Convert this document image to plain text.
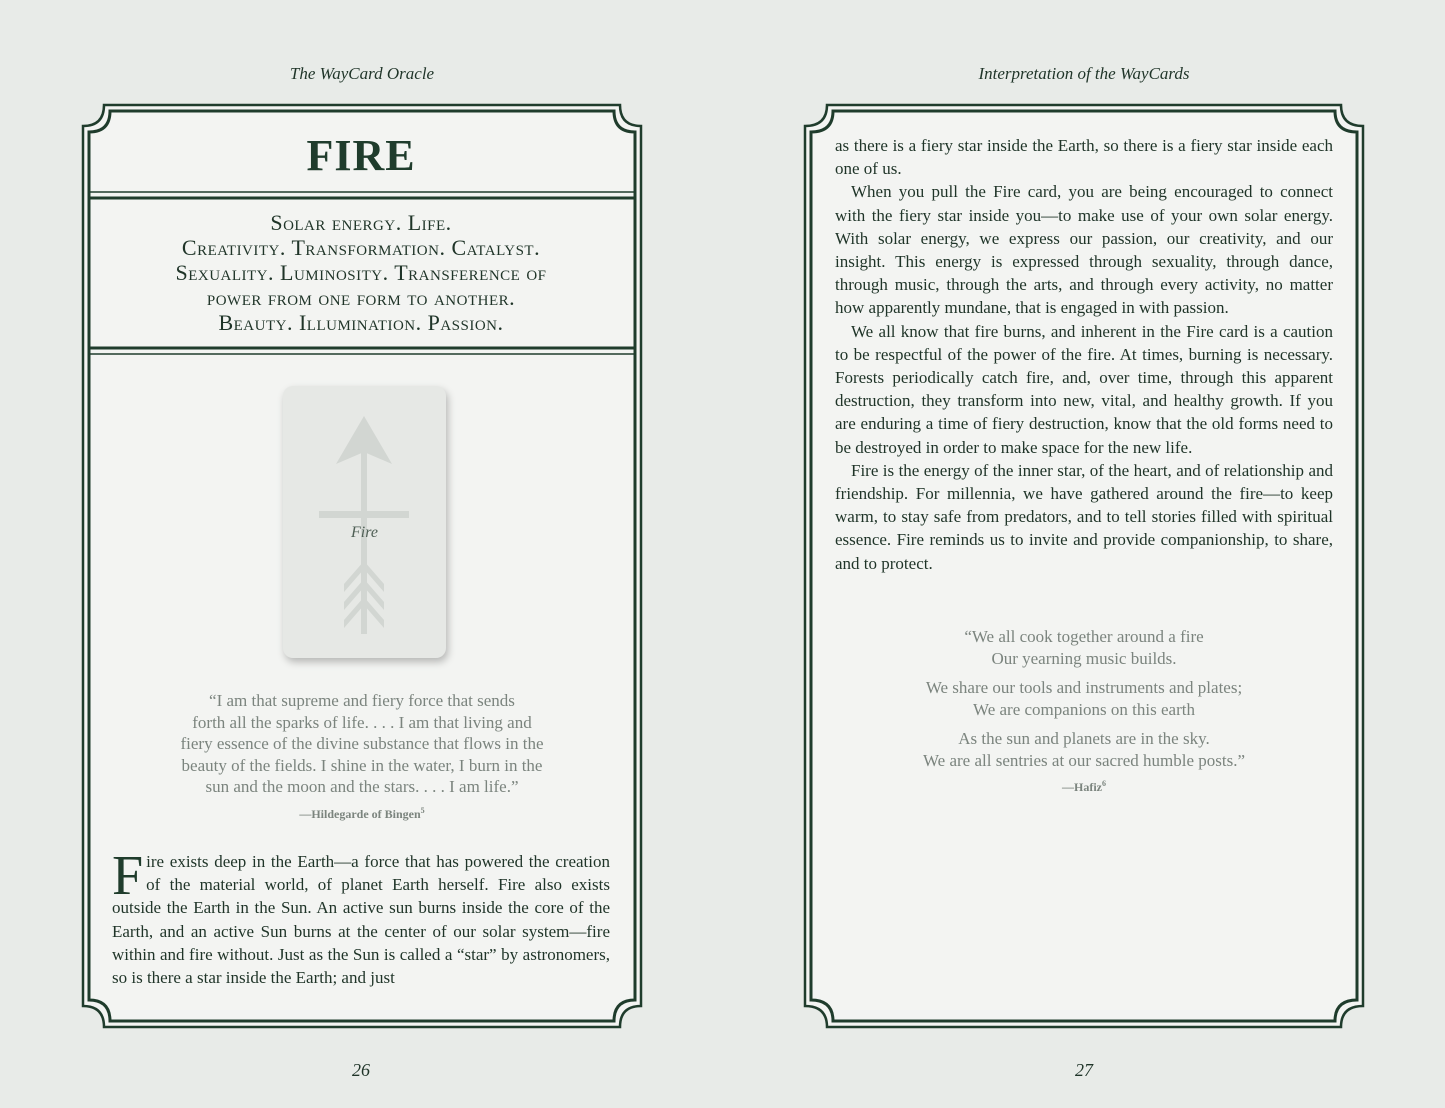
The WayCard Oracle
FIRE
Solar energy. Life.
Creativity. Transformation. Catalyst.
Sexuality. Luminosity. Transference of
power from one form to another.
Beauty. Illumination. Passion.
Fire
“I am that supreme and fiery force that sends
forth all the sparks of life. . . . I am that living and
fiery essence of the divine substance that flows in the
beauty of the fields. I shine in the water, I burn in the
sun and the moon and the stars. . . . I am life.”
—Hildegarde of Bingen$^5$

Fire exists deep in the Earth—a force that has powered the creation of the material world, of planet Earth herself. Fire also exists outside the Earth in the Sun. An active sun burns inside the core of the Earth, and an active Sun burns at the center of our solar system—fire within and fire without. Just as the Sun is called a “star” by astronomers, so is there a star inside the Earth; and just

26
Interpretation of the WayCards

as there is a fiery star inside the Earth, so there is a fiery star inside each one of us.

When you pull the Fire card, you are being encouraged to connect with the fiery star inside you—to make use of your own solar energy. With solar energy, we express our passion, our creativity, and our insight. This energy is expressed through sexuality, through dance, through music, through the arts, and through every activity, no matter how apparently mundane, that is engaged in with passion.

We all know that fire burns, and inherent in the Fire card is a caution to be respectful of the power of the fire. At times, burning is necessary. Forests periodically catch fire, and, over time, through this apparent destruction, they transform into new, vital, and healthy growth. If you are enduring a time of fiery destruction, know that the old forms need to be destroyed in order to make space for the new life.

Fire is the energy of the inner star, of the heart, and of relationship and friendship. For millennia, we have gathered around the fire—to keep warm, to stay safe from predators, and to tell stories filled with spiritual essence. Fire reminds us to invite and provide companionship, to share, and to protect.

“We all cook together around a fire
Our yearning music builds.
We share our tools and instruments and plates;
We are companions on this earth
As the sun and planets are in the sky.
We are all sentries at our sacred humble posts.”
—Hafiz$^6$
27
